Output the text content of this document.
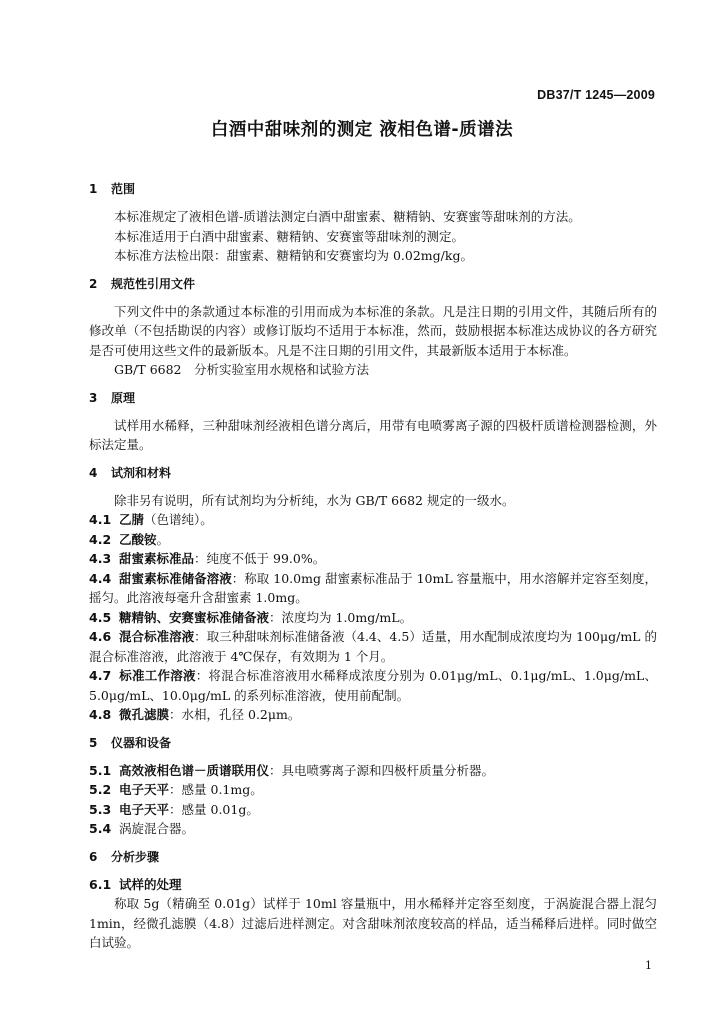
DB37/T 1245—2009
白酒中甜味剂的测定 液相色谱-质谱法
1 范围
本标准规定了液相色谱-质谱法测定白酒中甜蜜素、糖精钠、安赛蜜等甜味剂的方法。
本标准适用于白酒中甜蜜素、糖精钠、安赛蜜等甜味剂的测定。
本标准方法检出限：甜蜜素、糖精钠和安赛蜜均为 0.02mg/kg。
2 规范性引用文件
下列文件中的条款通过本标准的引用而成为本标准的条款。凡是注日期的引用文件，其随后所有的修改单（不包括勘误的内容）或修订版均不适用于本标准，然而，鼓励根据本标准达成协议的各方研究是否可使用这些文件的最新版本。凡是不注日期的引用文件，其最新版本适用于本标准。
GB/T 6682　分析实验室用水规格和试验方法
3 原理
试样用水稀释，三种甜味剂经液相色谱分离后，用带有电喷雾离子源的四极杆质谱检测器检测，外标法定量。
4 试剂和材料
除非另有说明，所有试剂均为分析纯，水为 GB/T 6682 规定的一级水。
4.1 乙腈（色谱纯）。
4.2 乙酸铵。
4.3 甜蜜素标准品：纯度不低于 99.0%。
4.4 甜蜜素标准储备溶液：称取 10.0mg 甜蜜素标准品于 10mL 容量瓶中，用水溶解并定容至刻度，摇匀。此溶液每毫升含甜蜜素 1.0mg。
4.5 糖精钠、安赛蜜标准储备液：浓度均为 1.0mg/mL。
4.6 混合标准溶液：取三种甜味剂标准储备液（4.4、4.5）适量，用水配制成浓度均为 100μg/mL 的混合标准溶液，此溶液于 4℃保存，有效期为 1 个月。
4.7 标准工作溶液：将混合标准溶液用水稀释成浓度分别为 0.01μg/mL、0.1μg/mL、1.0μg/mL、5.0μg/mL、10.0μg/mL 的系列标准溶液，使用前配制。
4.8 微孔滤膜：水相，孔径 0.2μm。
5 仪器和设备
5.1 高效液相色谱－质谱联用仪：具电喷雾离子源和四极杆质量分析器。
5.2 电子天平：感量 0.1mg。
5.3 电子天平：感量 0.01g。
5.4 涡旋混合器。
6 分析步骤
6.1 试样的处理
称取 5g（精确至 0.01g）试样于 10ml 容量瓶中，用水稀释并定容至刻度，于涡旋混合器上混匀 1min，经微孔滤膜（4.8）过滤后进样测定。对含甜味剂浓度较高的样品，适当稀释后进样。同时做空白试验。
1
